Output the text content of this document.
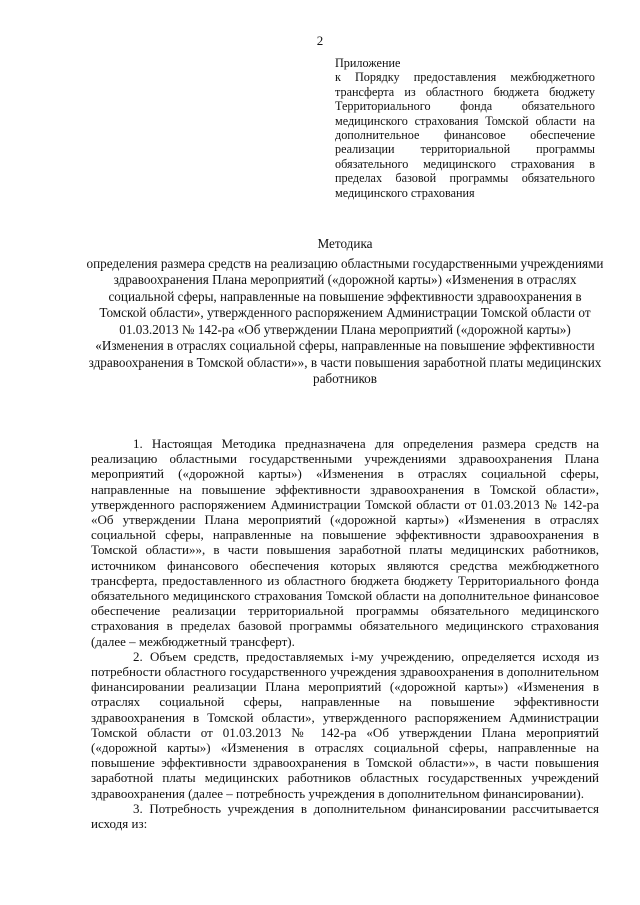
2

Приложение

к Порядку предоставления межбюджетного трансферта из областного бюджета бюджету Территориального фонда обязательного медицинского страхования Томской области на дополнительное финансовое обеспечение реализации территориальной программы обязательного медицинского страхования в пределах базовой программы обязательного медицинского страхования

Методика

определения размера средств на реализацию областными государственными учреждениями здравоохранения Плана мероприятий («дорожной карты») «Изменения в отраслях социальной сферы, направленные на повышение эффективности здравоохранения в Томской области», утвержденного распоряжением Администрации Томской области от 01.03.2013 № 142-ра «Об утверждении Плана мероприятий («дорожной карты») «Изменения в отраслях социальной сферы, направленные на повышение эффективности здравоохранения в Томской области»», в части повышения заработной платы медицинских работников

1. Настоящая Методика предназначена для определения размера средств на реализацию областными государственными учреждениями здравоохранения Плана мероприятий («дорожной карты») «Изменения в отраслях социальной сферы, направленные на повышение эффективности здравоохранения в Томской области», утвержденного распоряжением Администрации Томской области от 01.03.2013 № 142-ра «Об утверждении Плана мероприятий («дорожной карты») «Изменения в отраслях социальной сферы, направленные на повышение эффективности здравоохранения в Томской области»», в части повышения заработной платы медицинских работников, источником финансового обеспечения которых являются средства межбюджетного трансферта, предоставленного из областного бюджета бюджету Территориального фонда обязательного медицинского страхования Томской области на дополнительное финансовое обеспечение реализации территориальной программы обязательного медицинского страхования в пределах базовой программы обязательного медицинского страхования (далее – межбюджетный трансферт).

2. Объем средств, предоставляемых i-му учреждению, определяется исходя из потребности областного государственного учреждения здравоохранения в дополнительном финансировании реализации Плана мероприятий («дорожной карты») «Изменения в отраслях социальной сферы, направленные на повышение эффективности здравоохранения в Томской области», утвержденного распоряжением Администрации Томской области от 01.03.2013 № 142-ра «Об утверждении Плана мероприятий («дорожной карты») «Изменения в отраслях социальной сферы, направленные на повышение эффективности здравоохранения в Томской области»», в части повышения заработной платы медицинских работников областных государственных учреждений здравоохранения (далее – потребность учреждения в дополнительном финансировании).

3. Потребность учреждения в дополнительном финансировании рассчитывается исходя из:
